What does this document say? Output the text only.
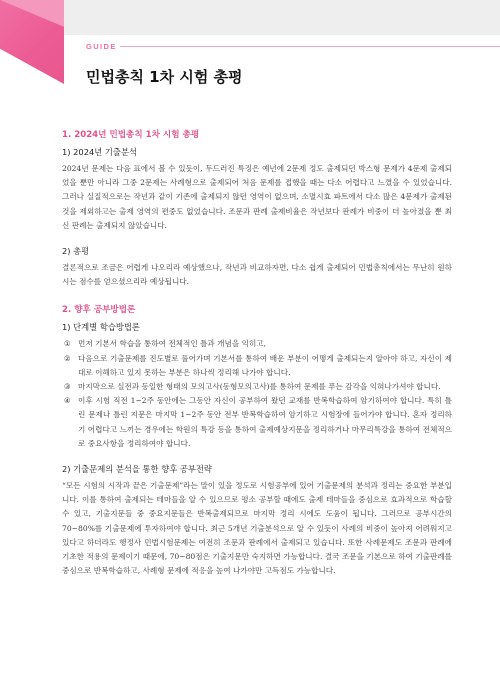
GUIDE
민법총칙 1차 시험 총평
1. 2024년 민법총칙 1차 시험 총평
1) 2024년 기출분석

2024년 문제는 다음 표에서 볼 수 있듯이, 두드러진 특징은 예년에 2문제 정도 출제되던 박스형 문제가 4문제 출제되었을 뿐만 아니라 그중 2문제는 사례형으로 출제되어 처음 문제를 접했을 때는 다소 어렵다고 느꼈을 수 있었습니다. 그러나 실질적으로는 작년과 같이 기존에 출제되지 않던 영역이 없으며, 소멸시효 파트에서 다소 많은 4문제가 출제된 것을 제외하고는 출제 영역의 편중도 없었습니다. 조문과 판례 출제비율은 작년보다 판례가 비중이 더 높아졌을 뿐 최신 판례는 출제되지 않았습니다.

2) 총평

결론적으로 조금은 어렵게 나오리라 예상했으나, 작년과 비교하자면, 다소 쉽게 출제되어 민법총칙에서는 무난히 원하시는 점수를 얻으셨으리라 예상됩니다.

2. 향후 공부방법론
1) 단계별 학습방법론
① 먼저 기본서 학습을 통하여 전체적인 틀과 개념을 익히고,
② 다음으로 기출문제를 진도별로 풀어가며 기본서를 통하여 배운 부분이 어떻게 출제되는지 알아야 하고, 자신이 제대로 이해하고 있지 못하는 부분은 하나씩 정리해 나가야 합니다.
③ 마지막으로 실전과 동일한 형태의 모의고사(동형모의고사)를 통하여 문제를 푸는 감각을 익혀나가셔야 합니다.
④ 이후 시험 직전 1~2주 동안에는 그동안 자신이 공부하여 왔던 교재를 반복학습하여 암기하여야 합니다. 특히 틀린 문제나 틀린 지문은 마지막 1~2주 동안 전부 반복학습하여 암기하고 시험장에 들어가야 합니다. 혼자 정리하기 어렵다고 느끼는 경우에는 학원의 특강 등을 통하여 출제예상지문을 정리하거나 마무리특강을 통하여 전체적으로 중요사항을 정리하여야 합니다.
2) 기출문제의 분석을 통한 향후 공부전략

“모든 시험의 시작과 끝은 기출문제”라는 말이 있을 정도로 시험공부에 있어 기출문제의 분석과 정리는 중요한 부분입니다. 이를 통하여 출제되는 테마들을 알 수 있으므로 평소 공부할 때에도 출제 테마들을 중심으로 효과적으로 학습할 수 있고, 기출지문들 중 중요지문들은 반복출제되므로 마지막 정리 시에도 도움이 됩니다. 그러므로 공부시간의 70~80%를 기출문제에 투자하여야 합니다. 최근 5개년 기출분석으로 알 수 있듯이 사례의 비중이 높아져 어려워지고 있다고 하더라도 행정사 민법시험문제는 여전히 조문과 판례에서 출제되고 있습니다. 또한 사례문제도 조문과 판례에 기초한 적용의 문제이기 때문에, 70~80점은 기출지문만 숙지하면 가능합니다. 결국 조문을 기본으로 하여 기출판례를 중심으로 반복학습하고, 사례형 문제에 적응을 높여 나가야만 고득점도 가능합니다.
